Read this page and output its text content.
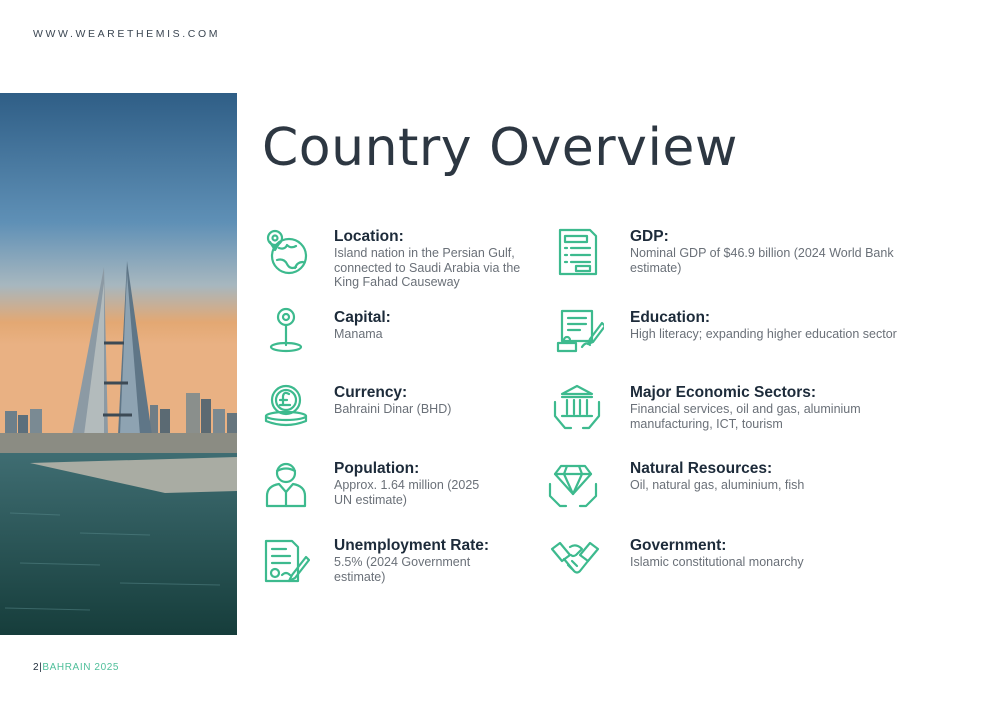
WWW.WEARETHEMIS.COM
Country Overview
Location:
Island nation in the Persian Gulf, connected to Saudi Arabia via the King Fahad Causeway
Capital:
Manama
Currency:
Bahraini Dinar (BHD)
Population:
Approx. 1.64 million (2025 UN estimate)
Unemployment Rate:
5.5% (2024 Government estimate)
GDP:
Nominal GDP of $46.9 billion (2024 World Bank estimate)
Education:
High literacy; expanding higher education sector
Major Economic Sectors:
Financial services, oil and gas, aluminium manufacturing, ICT, tourism
Natural Resources:
Oil, natural gas, aluminium, fish
Government:
Islamic constitutional monarchy
2|BAHRAIN 2025
